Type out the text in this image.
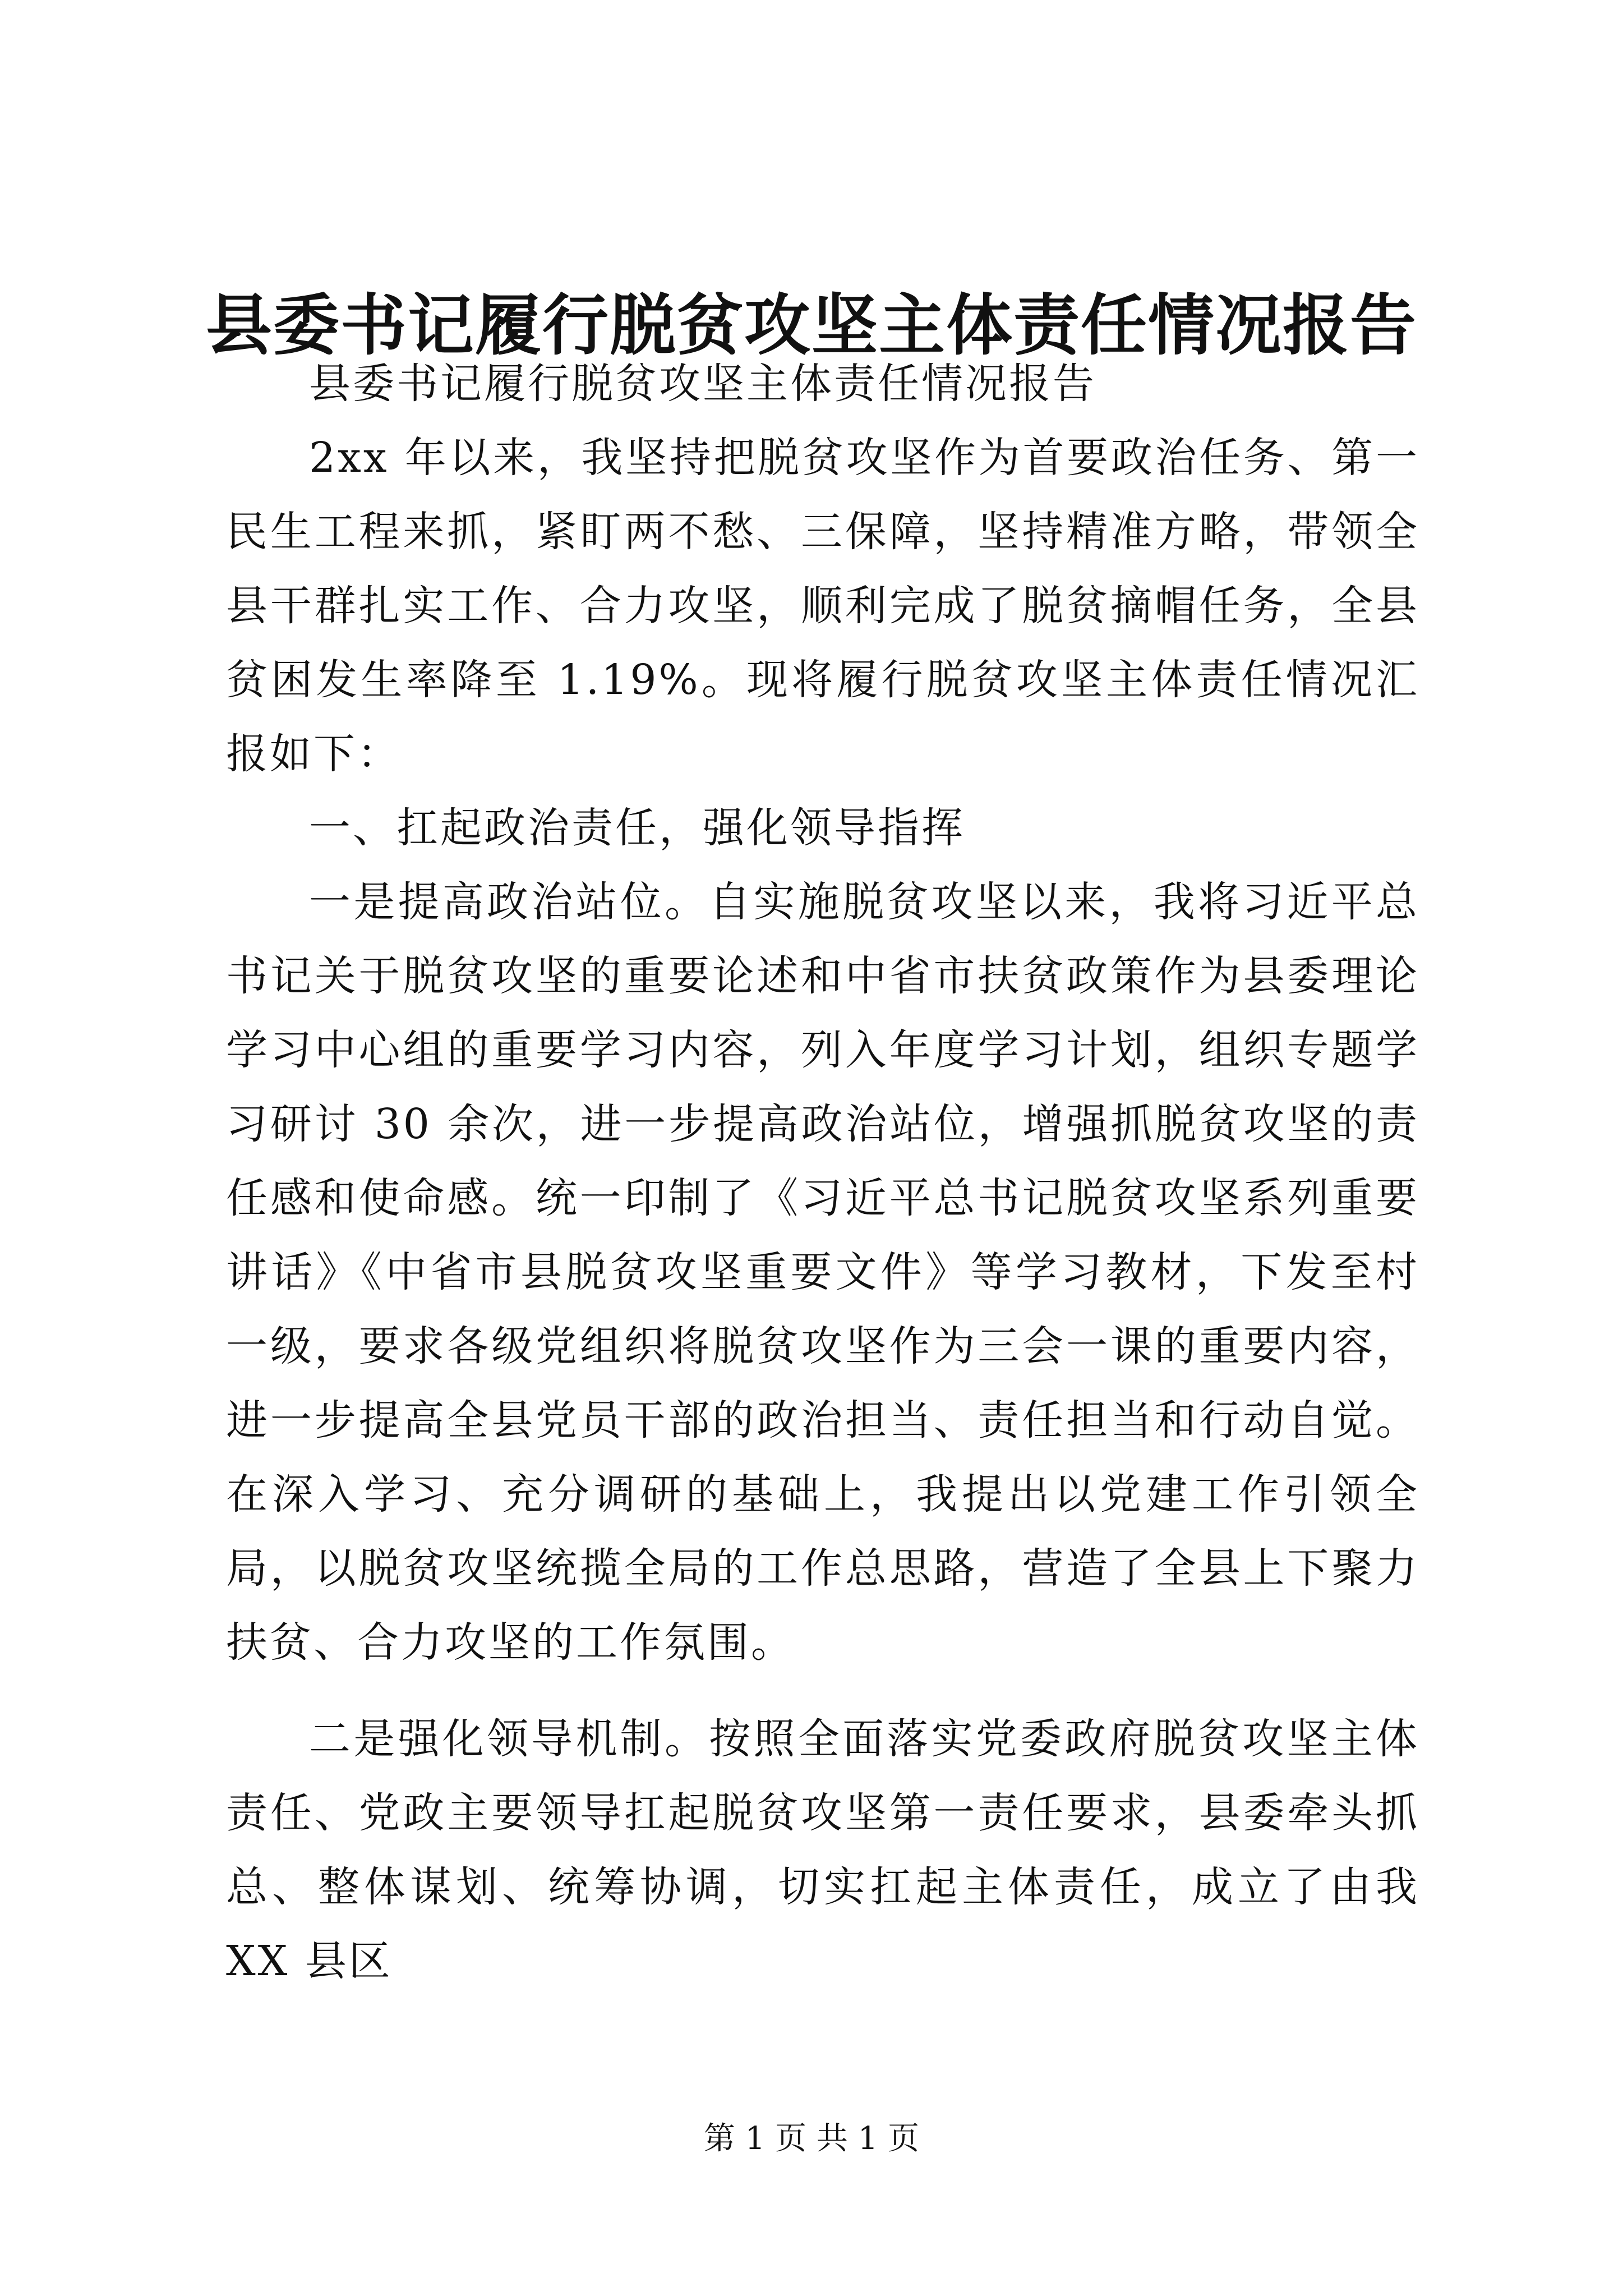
县委书记履行脱贫攻坚主体责任情况报告

县委书记履行脱贫攻坚主体责任情况报告

2xx 年以来，我坚持把脱贫攻坚作为首要政治任务、第一民生工程来抓，紧盯两不愁、三保障，坚持精准方略，带领全县干群扎实工作、合力攻坚，顺利完成了脱贫摘帽任务，全县贫困发生率降至 1.19%。现将履行脱贫攻坚主体责任情况汇报如下：

一、扛起政治责任，强化领导指挥

一是提高政治站位。自实施脱贫攻坚以来，我将习近平总书记关于脱贫攻坚的重要论述和中省市扶贫政策作为县委理论学习中心组的重要学习内容，列入年度学习计划，组织专题学习研讨 30 余次，进一步提高政治站位，增强抓脱贫攻坚的责任感和使命感。统一印制了《习近平总书记脱贫攻坚系列重要讲话》《中省市县脱贫攻坚重要文件》等学习教材，下发至村一级，要求各级党组织将脱贫攻坚作为三会一课的重要内容，进一步提高全县党员干部的政治担当、责任担当和行动自觉。在深入学习、充分调研的基础上，我提出以党建工作引领全局，以脱贫攻坚统揽全局的工作总思路，营造了全县上下聚力扶贫、合力攻坚的工作氛围。

二是强化领导机制。按照全面落实党委政府脱贫攻坚主体责任、党政主要领导扛起脱贫攻坚第一责任要求，县委牵头抓总、整体谋划、统筹协调，切实扛起主体责任，成立了由我 XX 县区

第 1 页 共 1 页
